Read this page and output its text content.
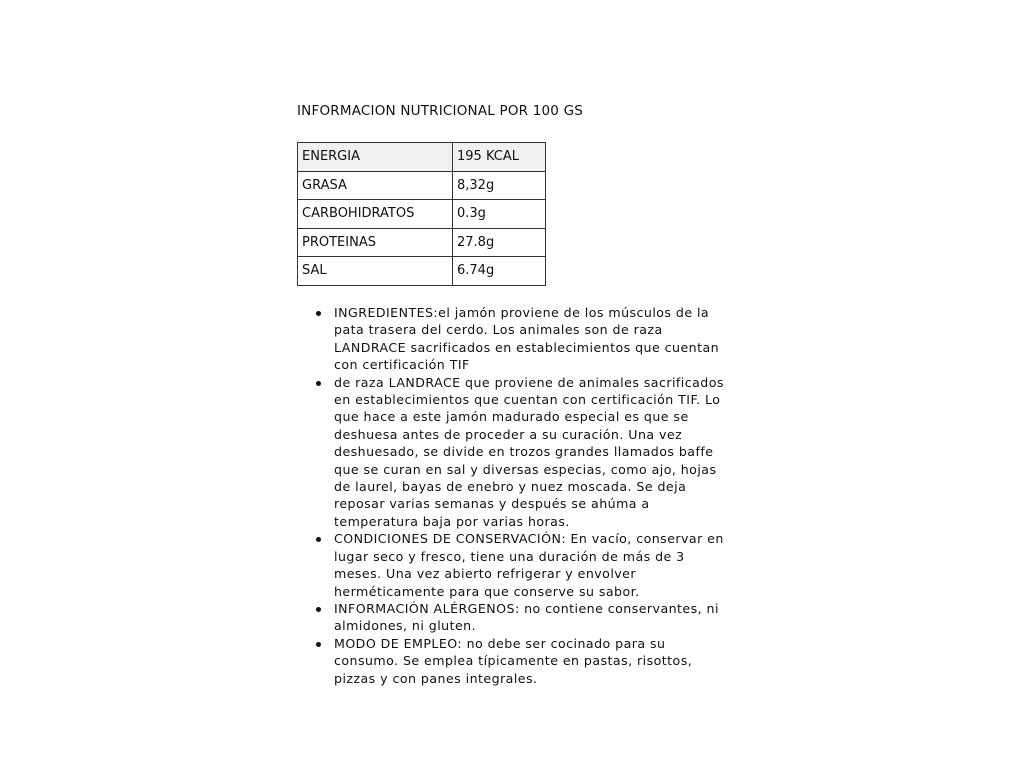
INFORMACION NUTRICIONAL POR 100 GS
ENERGIA	195 KCAL
GRASA	8,32g
CARBOHIDRATOS	0.3g
PROTEINAS	27.8g
SAL	6.74g
INGREDIENTES:el jamón proviene de los músculos de la pata trasera del cerdo. Los animales son de raza LANDRACE sacrificados en establecimientos que cuentan con certificación TIF
de raza LANDRACE que proviene de animales sacrificados en establecimientos que cuentan con certificación TIF. Lo que hace a este jamón madurado especial es que se deshuesa antes de proceder a su curación. Una vez deshuesado, se divide en trozos grandes llamados baffe que se curan en sal y diversas especias, como ajo, hojas de laurel, bayas de enebro y nuez moscada. Se deja reposar varias semanas y después se ahúma a temperatura baja por varias horas.
CONDICIONES DE CONSERVACIÓN: En vacío, conservar en lugar seco y fresco, tiene una duración de más de 3 meses. Una vez abierto refrigerar y envolver herméticamente para que conserve su sabor.
INFORMACIÓN ALÉRGENOS: no contiene conservantes, ni almidones, ni gluten.
MODO DE EMPLEO: no debe ser cocinado para su consumo. Se emplea típicamente en pastas, risottos, pizzas y con panes integrales.
